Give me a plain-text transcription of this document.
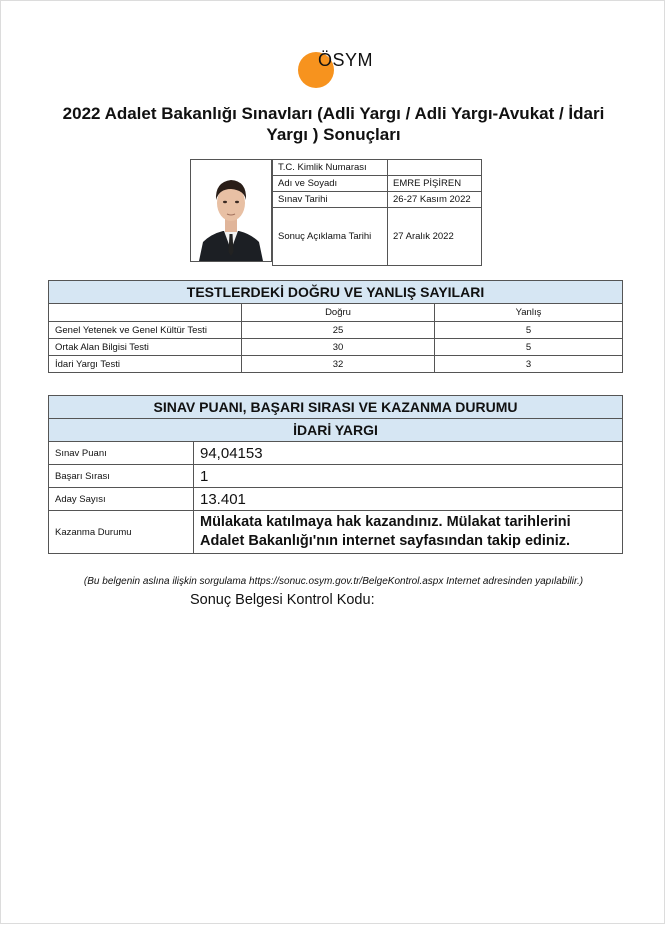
ÖSYM
2022 Adalet Bakanlığı Sınavları (Adli Yargı / Adli Yargı-Avukat / İdari Yargı ) Sonuçları
T.C. Kimlik Numarası	
Adı ve Soyadı	EMRE PİŞİREN
Sınav Tarihi	26-27 Kasım 2022
Sonuç Açıklama Tarihi	27 Aralık 2022
TESTLERDEKİ DOĞRU VE YANLIŞ SAYILARI		
	Doğru	Yanlış
Genel Yetenek ve Genel Kültür Testi	25	5
Ortak Alan Bilgisi Testi	30	5
İdari Yargı Testi	32	3
SINAV PUANI, BAŞARI SIRASI VE KAZANMA DURUMU	
İDARİ YARGI	
Sınav Puanı	94,04153
Başarı Sırası	1
Aday Sayısı	13.401
Kazanma Durumu	Mülakata katılmaya hak kazandınız. Mülakat tarihlerini Adalet Bakanlığı'nın internet sayfasından takip ediniz.
(Bu belgenin aslına ilişkin sorgulama https://sonuc.osym.gov.tr/BelgeKontrol.aspx Internet adresinden yapılabilir.)
Sonuç Belgesi Kontrol Kodu:
